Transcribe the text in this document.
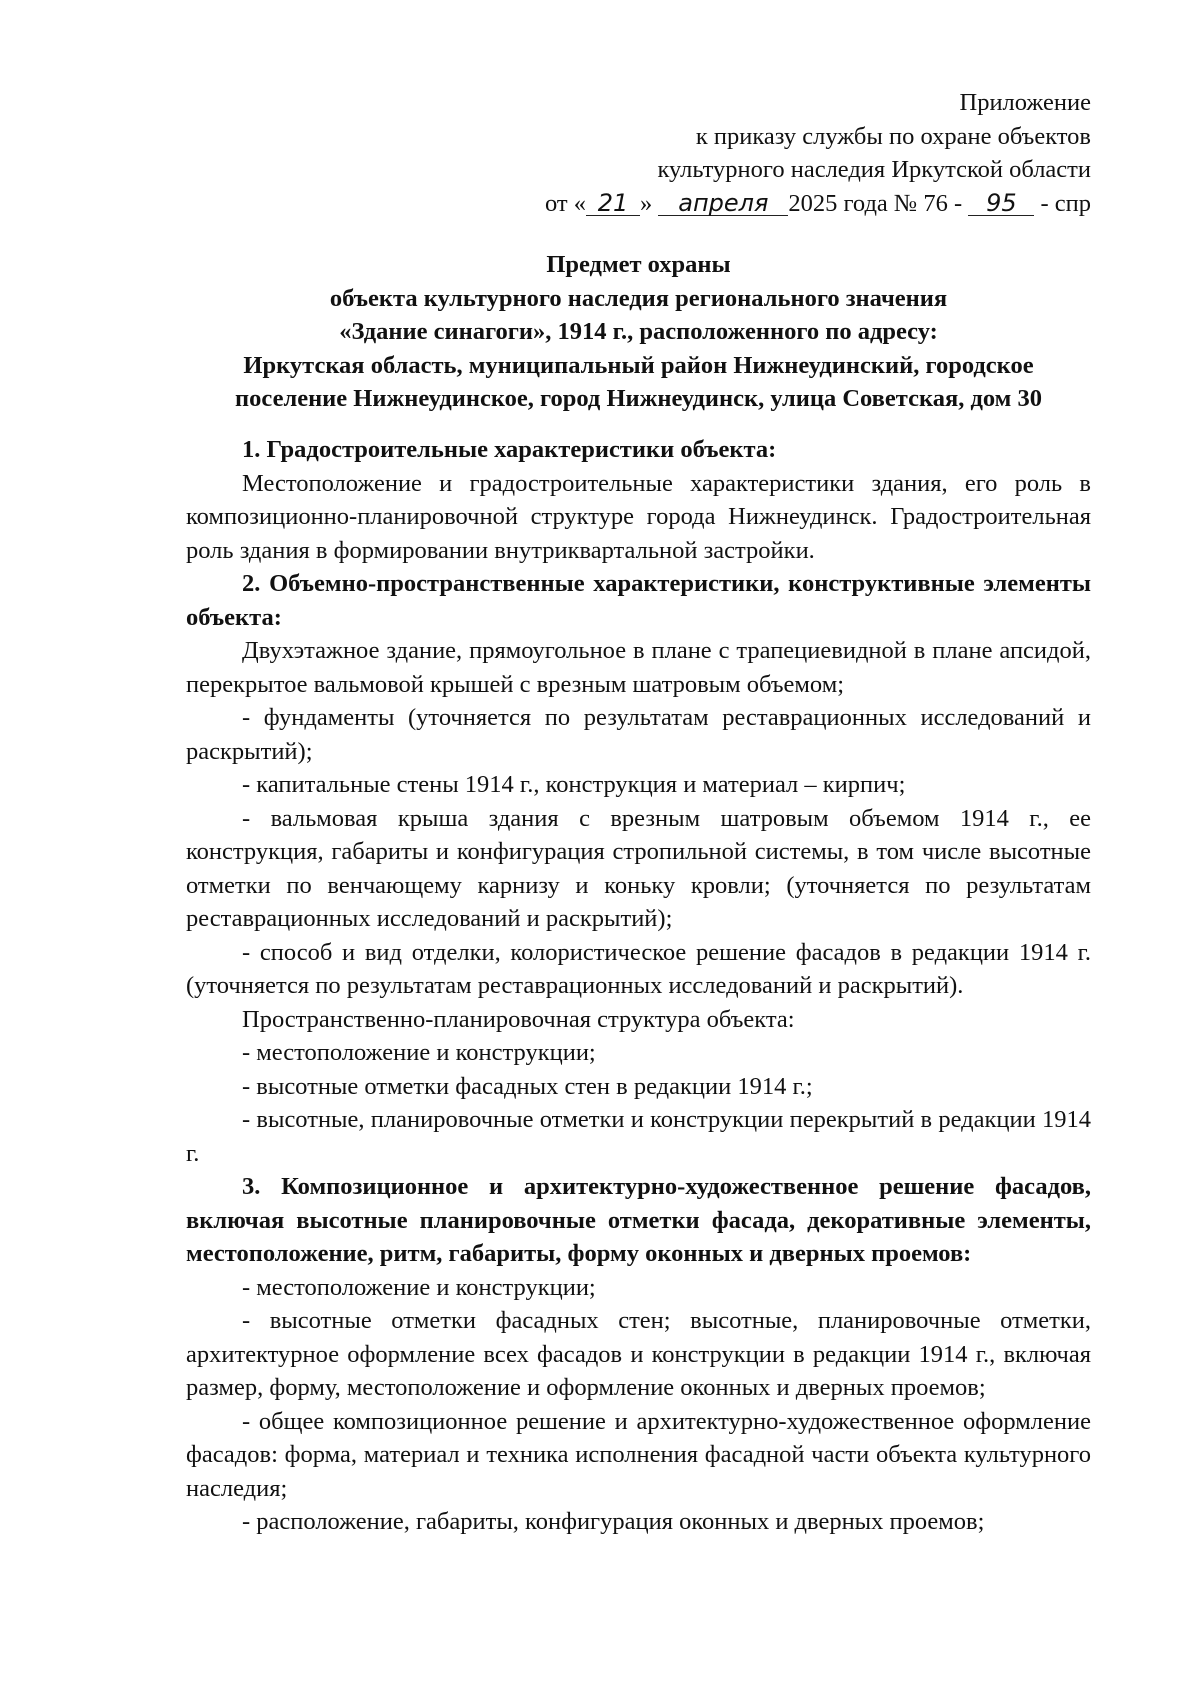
Приложение
к приказу службы по охране объектов
культурного наследия Иркутской области
от « 21 » апреля 2025 года № 76 - 95 - спр
Предмет охраны
объекта культурного наследия регионального значения
«Здание синагоги», 1914 г., расположенного по адресу:
Иркутская область, муниципальный район Нижнеудинский, городское
поселение Нижнеудинское, город Нижнеудинск, улица Советская, дом 30

1. Градостроительные характеристики объекта:

Местоположение и градостроительные характеристики здания, его роль в композиционно-планировочной структуре города Нижнеудинск. Градостроительная роль здания в формировании внутриквартальной застройки.

2. Объемно-пространственные характеристики, конструктивные элементы объекта:

Двухэтажное здание, прямоугольное в плане с трапециевидной в плане апсидой, перекрытое вальмовой крышей с врезным шатровым объемом;

- фундаменты (уточняется по результатам реставрационных исследований и раскрытий);

- капитальные стены 1914 г., конструкция и материал – кирпич;

- вальмовая крыша здания с врезным шатровым объемом 1914 г., ее конструкция, габариты и конфигурация стропильной системы, в том числе высотные отметки по венчающему карнизу и коньку кровли; (уточняется по результатам реставрационных исследований и раскрытий);

- способ и вид отделки, колористическое решение фасадов в редакции 1914 г. (уточняется по результатам реставрационных исследований и раскрытий).

Пространственно-планировочная структура объекта:

- местоположение и конструкции;

- высотные отметки фасадных стен в редакции 1914 г.;

- высотные, планировочные отметки и конструкции перекрытий в редакции 1914 г.

3. Композиционное и архитектурно-художественное решение фасадов, включая высотные планировочные отметки фасада, декоративные элементы, местоположение, ритм, габариты, форму оконных и дверных проемов:

- местоположение и конструкции;

- высотные отметки фасадных стен; высотные, планировочные отметки, архитектурное оформление всех фасадов и конструкции в редакции 1914 г., включая размер, форму, местоположение и оформление оконных и дверных проемов;

- общее композиционное решение и архитектурно-художественное оформление фасадов: форма, материал и техника исполнения фасадной части объекта культурного наследия;

- расположение, габариты, конфигурация оконных и дверных проемов;
